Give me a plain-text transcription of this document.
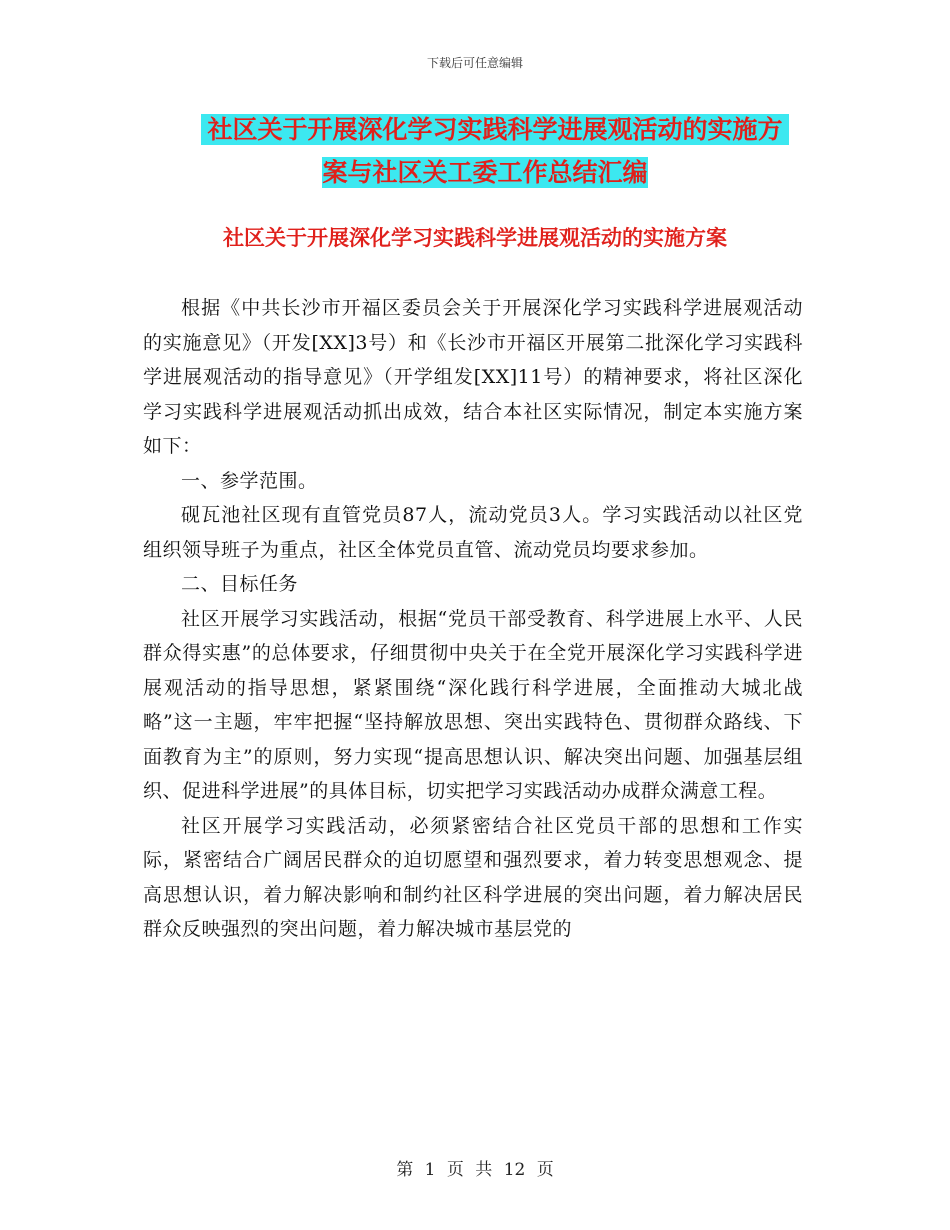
下载后可任意编辑
社区关于开展深化学习实践科学进展观活动的实施方
案与社区关工委工作总结汇编
社区关于开展深化学习实践科学进展观活动的实施方案

根据《中共长沙市开福区委员会关于开展深化学习实践科学进展观活动的实施意见》（开发[XX]3号）和《长沙市开福区开展第二批深化学习实践科学进展观活动的指导意见》（开学组发[XX]11号）的精神要求，将社区深化学习实践科学进展观活动抓出成效，结合本社区实际情况，制定本实施方案如下：

一、参学范围。

砚瓦池社区现有直管党员87人，流动党员3人。学习实践活动以社区党组织领导班子为重点，社区全体党员直管、流动党员均要求参加。

二、目标任务

社区开展学习实践活动，根据“党员干部受教育、科学进展上水平、人民群众得实惠”的总体要求，仔细贯彻中央关于在全党开展深化学习实践科学进展观活动的指导思想，紧紧围绕“深化践行科学进展，全面推动大城北战略”这一主题，牢牢把握“坚持解放思想、突出实践特色、贯彻群众路线、下面教育为主”的原则，努力实现“提高思想认识、解决突出问题、加强基层组织、促进科学进展”的具体目标，切实把学习实践活动办成群众满意工程。

社区开展学习实践活动，必须紧密结合社区党员干部的思想和工作实际，紧密结合广阔居民群众的迫切愿望和强烈要求，着力转变思想观念、提高思想认识，着力解决影响和制约社区科学进展的突出问题，着力解决居民群众反映强烈的突出问题，着力解决城市基层党的

第 1 页 共 12 页
